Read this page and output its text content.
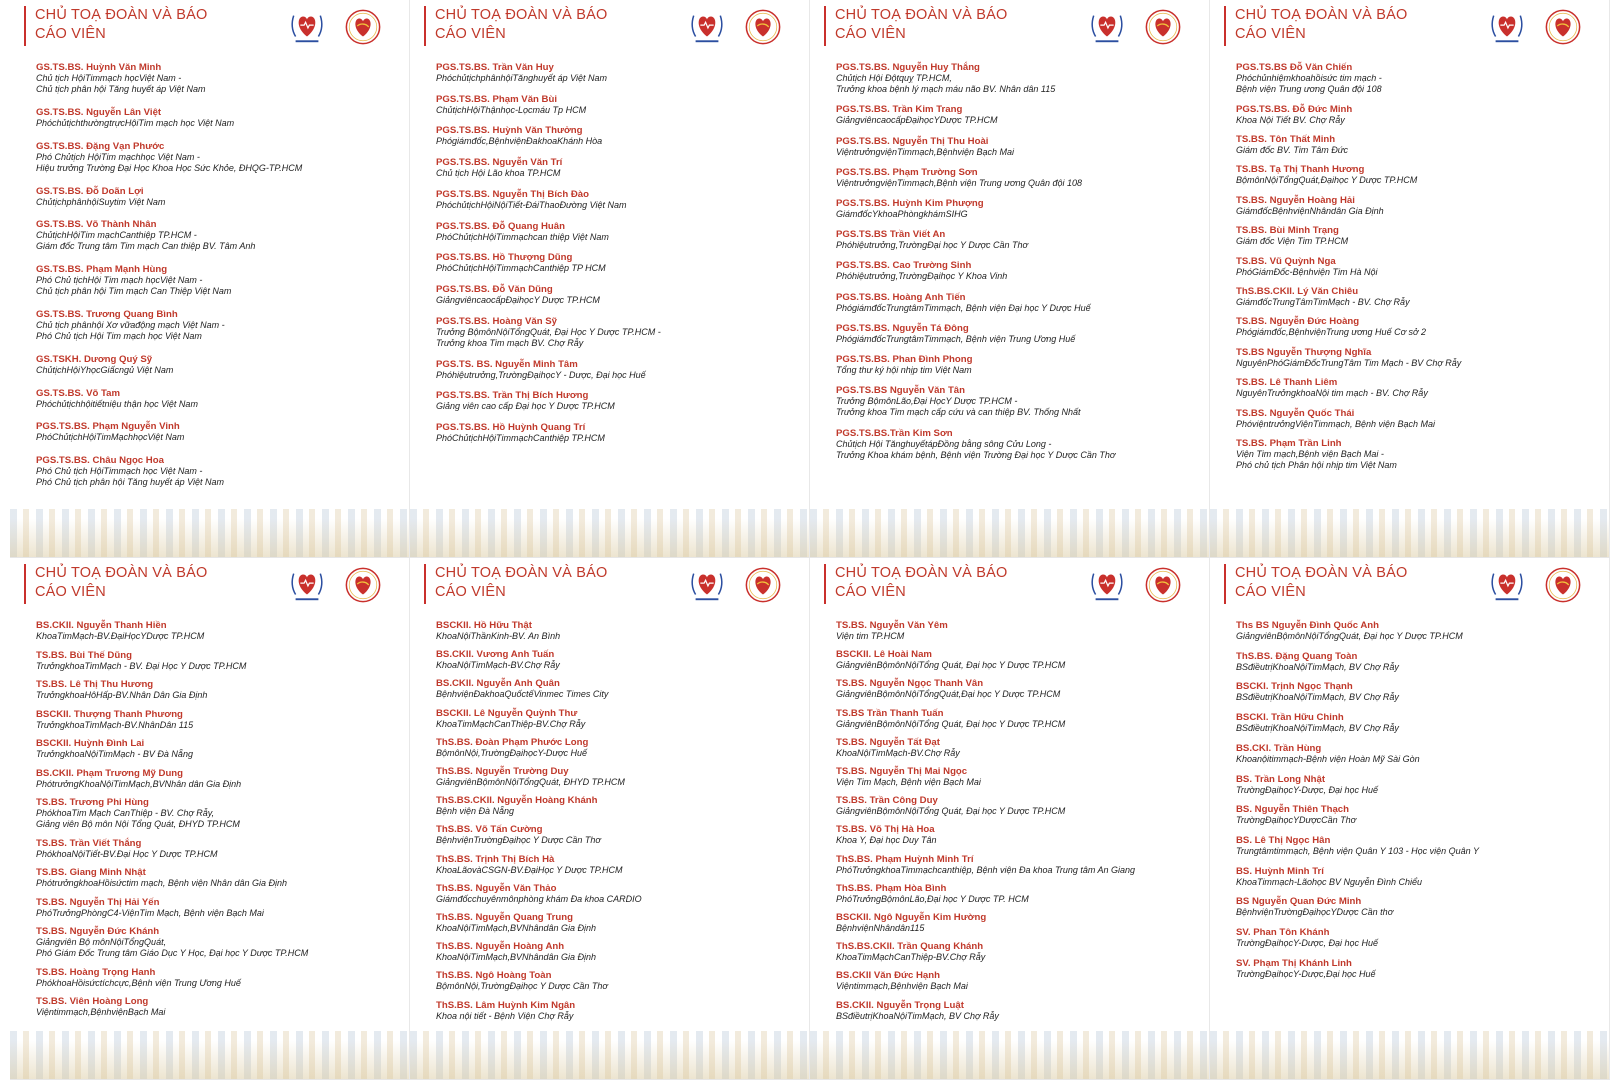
CHỦ TOẠ ĐOÀN VÀ BÁO CÁO VIÊN
GS.TS.BS. Huỳnh Văn Minh
Chủ tịch HộiTimmạch họcViệt Nam -
Chủ tịch phân hội Tăng huyết áp Việt Nam
GS.TS.BS. Nguyễn Lân Việt
PhóchủtịchthườngtrựcHộiTim mạch học Việt Nam
GS.TS.BS. Đặng Vạn Phước
Phó Chủtịch HộiTim mạchhọc Việt Nam -
Hiệu trưởng Trường Đại Học Khoa Học Sức Khỏe, ĐHQG-TP.HCM
GS.TS.BS. Đỗ Doãn Lợi
ChủtịchphânhộiSuytim Việt Nam
GS.TS.BS. Võ Thành Nhân
ChủtịchHộiTim mạchCanthiệp TP.HCM -
Giám đốc Trung tâm Tim mạch Can thiệp BV. Tâm Anh
GS.TS.BS. Phạm Mạnh Hùng
Phó Chủ tịchHội Tim mạch họcViệt Nam -
Chủ tịch phân hội Tim mạch Can Thiệp Việt Nam
GS.TS.BS. Trương Quang Bình
Chủ tịch phânhội Xơ vữađộng mạch Việt Nam -
Phó Chủ tịch Hội Tim mạch học Việt Nam
GS.TSKH. Dương Quý Sỹ
ChủtịchHộiYhọcGiấcngủ Việt Nam
GS.TS.BS. Võ Tam
Phóchủtịchhộitiếtniệu thận học Việt Nam
PGS.TS.BS. Phạm Nguyễn Vinh
PhóChủtịchHộiTimMạchhọcViệt Nam
PGS.TS.BS. Châu Ngọc Hoa
Phó Chủ tịch HộiTimmạch học Việt Nam -
Phó Chủ tịch phân hội Tăng huyết áp Việt Nam
CHỦ TOẠ ĐOÀN VÀ BÁO CÁO VIÊN
PGS.TS.BS. Trần Văn Huy
PhóchủtịchphânhộiTănghuyết áp Việt Nam
PGS.TS.BS. Phạm Văn Bùi
ChủtịchHộiThậnhọc-Lọcmáu Tp HCM
PGS.TS.BS. Huỳnh Văn Thưởng
Phógiámđốc,BệnhviệnĐakhoaKhánh Hòa
PGS.TS.BS. Nguyễn Văn Trí
Chủ tịch Hội Lão khoa TP.HCM
PGS.TS.BS. Nguyễn Thị Bích Đào
PhóchủtịchHộiNộiTiết-ĐáiThaoĐường Việt Nam
PGS.TS.BS. Đỗ Quang Huân
PhóChủtịchHộiTimmạchcan thiệp Việt Nam
PGS.TS.BS. Hồ Thượng Dũng
PhóChủtịchHộiTimmạchCanthiệp TP HCM
PGS.TS.BS. Đỗ Văn Dũng
GiảngviêncaocấpĐạihọcY Dược TP.HCM
PGS.TS.BS. Hoàng Văn Sỹ
Trưởng BộmônNộiTổngQuát, Đại Học Y Dược TP.HCM -
Trưởng khoa Tim mạch BV. Chợ Rẫy
PGS.TS. BS. Nguyễn Minh Tâm
Phóhiệutrưởng,TrườngĐạihọcY - Dược, Đại học Huế
PGS.TS.BS. Trần Thị Bích Hương
Giảng viên cao cấp Đại học Y Dược TP.HCM
PGS.TS.BS. Hồ Huỳnh Quang Trí
PhóChủtịchHộiTimmạchCanthiệp TP.HCM
CHỦ TOẠ ĐOÀN VÀ BÁO CÁO VIÊN
PGS.TS.BS. Nguyễn Huy Thắng
Chủtịch Hội Độtquỵ TP.HCM,
Trưởng khoa bệnh lý mạch máu não BV. Nhân dân 115
PGS.TS.BS. Trần Kim Trang
GiảngviêncaocấpĐạihọcYDược TP.HCM
PGS.TS.BS. Nguyễn Thị Thu Hoài
ViệntrưởngviệnTimmạch,Bệnhviện Bạch Mai
PGS.TS.BS. Phạm Trường Sơn
ViệntrưởngviệnTimmạch,Bệnh viện Trung ương Quân đội 108
PGS.TS.BS. Huỳnh Kim Phượng
GiámđốcYkhoaPhòngkhámSIHG
PGS.TS.BS Trần Viết An
Phóhiệutrưởng,TrườngĐại học Y Dược Cần Thơ
PGS.TS.BS. Cao Trường Sinh
Phóhiệutrưởng,TrườngĐạihọc Y Khoa Vinh
PGS.TS.BS. Hoàng Anh Tiến
PhógiámđốcTrungtâmTimmạch, Bệnh viện Đại học Y Dược Huế
PGS.TS.BS. Nguyễn Tá Đông
PhógiámđốcTrungtâmTimmạch, Bệnh viện Trung Ương Huế
PGS.TS.BS. Phan Đình Phong
Tổng thư ký hội nhịp tim Việt Nam
PGS.TS.BS Nguyễn Văn Tân
Trưởng BộmônLão,Đại HọcY Dược TP.HCM -
Trưởng khoa Tim mạch cấp cứu và can thiệp BV. Thống Nhất
PGS.TS.BS.Trần Kim Sơn
Chủtịch Hội TănghuyếtápĐồng bằng sông Cửu Long -
Trưởng Khoa khám bệnh, Bệnh viện Trường Đại học Y Dược Cần Thơ
CHỦ TOẠ ĐOÀN VÀ BÁO CÁO VIÊN
PGS.TS.BS Đỗ Văn Chiến
Phóchủnhiệmkhoahồisức tim mạch -
Bệnh viện Trung ương Quân đội 108
PGS.TS.BS. Đỗ Đức Minh
Khoa Nội Tiết BV. Chợ Rẫy
TS.BS. Tôn Thất Minh
Giám đốc BV. Tim Tâm Đức
TS.BS. Tạ Thị Thanh Hương
BộmônNộiTổngQuát,Đạihọc Y Dược TP.HCM
TS.BS. Nguyễn Hoàng Hải
GiámđốcBệnhviệnNhândân Gia Định
TS.BS. Bùi Minh Trạng
Giám đốc Viện Tim TP.HCM
TS.BS. Vũ Quỳnh Nga
PhóGiámĐốc-Bệnhviện Tim Hà Nội
ThS.BS.CKII. Lý Văn Chiêu
GiámđốcTrungTâmTimMạch - BV. Chợ Rẫy
TS.BS. Nguyễn Đức Hoàng
Phógiámđốc,BệnhviệnTrung ương Huế Cơ sở 2
TS.BS Nguyễn Thượng Nghĩa
NguyênPhóGiámĐốcTrungTâm Tim Mạch - BV Chợ Rẫy
TS.BS. Lê Thanh Liêm
NguyênTrưởngkhoaNội tim mạch - BV. Chợ Rẫy
TS.BS. Nguyễn Quốc Thái
PhóviệntrưởngViệnTimmạch, Bệnh viện Bạch Mai
TS.BS. Phạm Trần Linh
Viện Tim mạch,Bệnh viện Bạch Mai -
Phó chủ tịch Phân hội nhịp tim Việt Nam
CHỦ TOẠ ĐOÀN VÀ BÁO CÁO VIÊN
BS.CKII. Nguyễn Thanh Hiền
KhoaTimMạch-BV.ĐạiHọcYDược TP.HCM
TS.BS. Bùi Thế Dũng
TrưởngkhoaTimMạch - BV. Đại Học Y Dược TP.HCM
TS.BS. Lê Thị Thu Hương
TrưởngkhoaHôHấp-BV.Nhân Dân Gia Định
BSCKII. Thượng Thanh Phương
TrưởngkhoaTimMạch-BV.NhânDân 115
BSCKII. Huỳnh Đình Lai
TrưởngkhoaNộiTimMạch - BV Đà Nẵng
BS.CKII. Phạm Trương Mỹ Dung
PhótrưởngKhoaNộiTimMạch,BVNhân dân Gia Định
TS.BS. Trương Phi Hùng
PhókhoaTim Mạch CanThiệp - BV. Chợ Rẫy,
Giảng viên Bộ môn Nội Tổng Quát, ĐHYD TP.HCM
TS.BS. Trần Viết Thắng
PhókhoaNộiTiết-BV.Đại Học Y Dược TP.HCM
TS.BS. Giang Minh Nhật
PhótrưởngkhoaHồisứctim mạch, Bệnh viện Nhân dân Gia Định
TS.BS. Nguyễn Thị Hải Yến
PhóTrưởngPhòngC4-ViệnTim Mạch, Bệnh viện Bạch Mai
TS.BS. Nguyễn Đức Khánh
Giảngviên Bộ mônNộiTổngQuát,
Phó Giám Đốc Trung tâm Giáo Dục Y Học, Đại học Y Dược TP.HCM
TS.BS. Hoàng Trọng Hanh
PhókhoaHồisứctíchcực,Bệnh viện Trung Ương Huế
TS.BS. Viên Hoàng Long
Việntimmạch,BệnhviệnBạch Mai
CHỦ TOẠ ĐOÀN VÀ BÁO CÁO VIÊN
BSCKII. Hồ Hữu Thật
KhoaNộiThầnKinh-BV. An Bình
BS.CKII. Vương Anh Tuấn
KhoaNộiTimMạch-BV.Chợ Rẫy
BS.CKII. Nguyễn Anh Quân
BệnhviệnĐakhoaQuốctếVinmec Times City
BSCKII. Lê Nguyễn Quỳnh Thư
KhoaTimMạchCanThiệp-BV.Chợ Rẫy
ThS.BS. Đoàn Phạm Phước Long
BộmônNội,TrườngĐạihọcY-Dược Huế
ThS.BS. Nguyễn Trường Duy
GiảngviênBộmônNộiTổngQuát, ĐHYD TP.HCM
ThS.BS.CKII. Nguyễn Hoàng Khánh
Bệnh viện Đà Nẵng
ThS.BS. Võ Tấn Cường
BệnhviệnTrườngĐạihọc Y Dược Cần Thơ
ThS.BS. Trịnh Thị Bích Hà
KhoaLãovàCSGN-BV.ĐạiHọc Y Dược TP.HCM
ThS.BS. Nguyễn Văn Thảo
Giámđốcchuyênmônphòng khám Đa khoa CARDIO
ThS.BS. Nguyễn Quang Trung
KhoaNộiTimMạch,BVNhândân Gia Định
ThS.BS. Nguyễn Hoàng Anh
KhoaNộiTimMạch,BVNhândân Gia Định
ThS.BS. Ngô Hoàng Toàn
BộmônNội,TrườngĐạihọc Y Dược Cần Thơ
ThS.BS. Lâm Huỳnh Kim Ngân
Khoa nội tiết - Bệnh Viện Chợ Rẫy
CHỦ TOẠ ĐOÀN VÀ BÁO CÁO VIÊN
TS.BS. Nguyễn Văn Yêm
Viện tim TP.HCM
BSCKII. Lê Hoài Nam
GiảngviênBộmônNộiTổng Quát, Đại học Y Dược TP.HCM
TS.BS. Nguyễn Ngọc Thanh Vân
GiảngviênBộmônNộiTổngQuát,Đại học Y Dược TP.HCM
TS.BS Trần Thanh Tuấn
GiảngviênBộmônNộiTổng Quát, Đại học Y Dược TP.HCM
TS.BS. Nguyễn Tất Đạt
KhoaNộiTimMạch-BV.Chợ Rẫy
TS.BS. Nguyễn Thị Mai Ngọc
Viện Tim Mạch, Bệnh viện Bạch Mai
TS.BS. Trần Công Duy
GiảngviênBộmônNộiTổng Quát, Đại học Y Dược TP.HCM
TS.BS. Võ Thị Hà Hoa
Khoa Y, Đại học Duy Tân
ThS.BS. Phạm Huỳnh Minh Trí
PhóTrưởngkhoaTimmạchcanthiệp, Bệnh viện Đa khoa Trung tâm An Giang
ThS.BS. Phạm Hòa Bình
PhóTrưởngBộmônLão,Đại học Y Dược TP. HCM
BSCKII. Ngô Nguyễn Kim Hường
BệnhviệnNhândân115
ThS.BS.CKII. Trần Quang Khánh
KhoaTimMạchCanThiệp-BV.Chợ Rẫy
BS.CKII Văn Đức Hạnh
Việntimmạch,Bệnhviện Bạch Mai
BS.CKII. Nguyễn Trọng Luật
BSđiềutrịKhoaNộiTimMạch, BV Chợ Rẫy
CHỦ TOẠ ĐOÀN VÀ BÁO CÁO VIÊN
Ths BS Nguyễn Đình Quốc Anh
GiảngviênBộmônNộiTổngQuát, Đại học Y Dược TP.HCM
ThS.BS. Đặng Quang Toàn
BSđiềutrịKhoaNộiTimMạch, BV Chợ Rẫy
BSCKI. Trịnh Ngọc Thạnh
BSđiềutrịKhoaNộiTimMạch, BV Chợ Rẫy
BSCKI. Trần Hữu Chinh
BSđiềutrịKhoaNộiTimMạch, BV Chợ Rẫy
BS.CKI. Trần Hùng
Khoanộitimmạch-Bệnh viện Hoàn Mỹ Sài Gòn
BS. Trần Long Nhật
TrườngĐạihọcY-Dược, Đại học Huế
BS. Nguyễn Thiên Thạch
TrườngĐạihọcYDượcCần Thơ
BS. Lê Thị Ngọc Hân
Trungtâmtimmạch, Bệnh viện Quân Y 103 - Học viện Quân Y
BS. Huỳnh Minh Trí
KhoaTimmạch-Lãohọc BV Nguyễn Đình Chiểu
BS Nguyễn Quan Đức Minh
BệnhviệnTrườngĐạihọcYDược Cần thơ
SV. Phan Tôn Khánh
TrườngĐạihọcY-Dược, Đại học Huế
SV. Phạm Thị Khánh Linh
TrườngĐạihọcY-Dược,Đại học Huế
